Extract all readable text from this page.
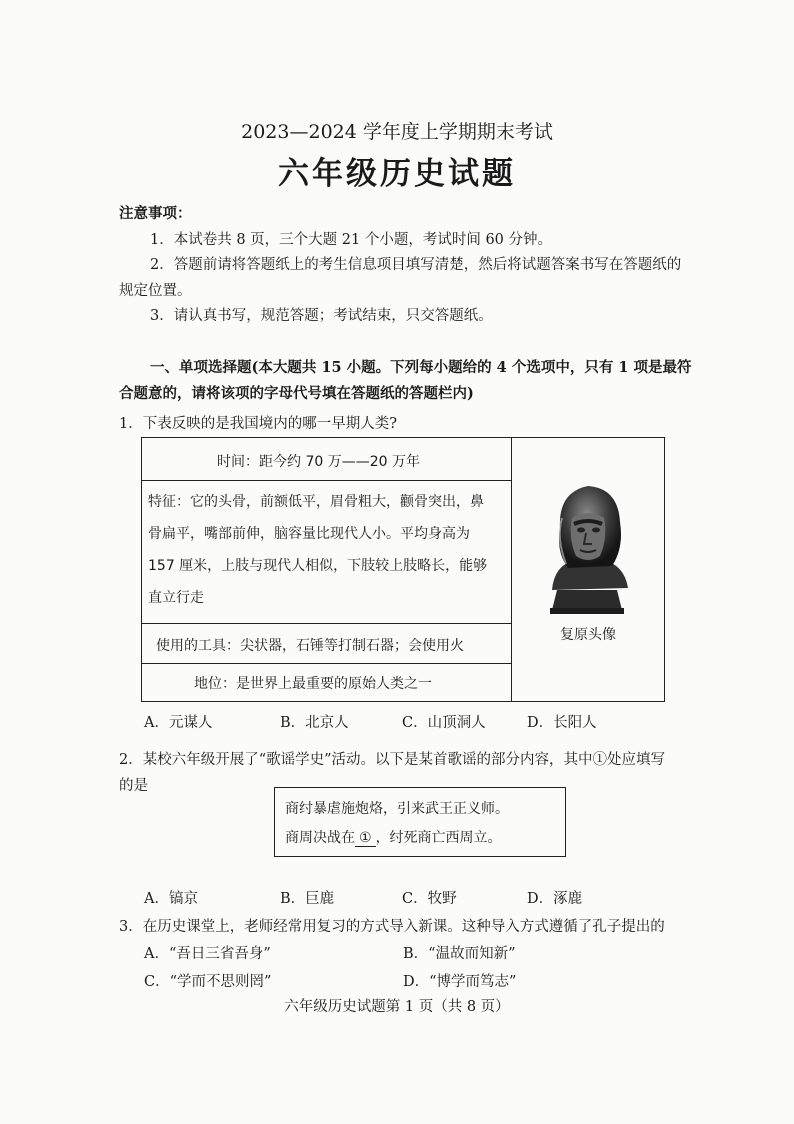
2023—2024 学年度上学期期末考试
六年级历史试题
注意事项：
1．本试卷共 8 页，三个大题 21 个小题，考试时间 60 分钟。
2．答题前请将答题纸上的考生信息项目填写清楚，然后将试题答案书写在答题纸的
规定位置。
3．请认真书写，规范答题；考试结束，只交答题纸。
一、单项选择题(本大题共 15 小题。下列每小题给的 4 个选项中，只有 1 项是最符
合题意的，请将该项的字母代号填在答题纸的答题栏内)
1．下表反映的是我国境内的哪一早期人类?
时间：距今约 70 万——20 万年
特征：它的头骨，前额低平，眉骨粗大，颧骨突出，鼻
骨扁平，嘴部前伸，脑容量比现代人小。平均身高为
157 厘米，上肢与现代人相似，下肢较上肢略长，能够
直立行走
使用的工具：尖状器，石锤等打制石器；会使用火
地位：是世界上最重要的原始人类之一
复原头像
A．元谋人	B．北京人	C．山顶洞人	D．长阳人
2．某校六年级开展了“歌谣学史”活动。以下是某首歌谣的部分内容，其中①处应填写
的是
商纣暴虐施炮烙，引来武王正义师。
商周决战在 ① ，纣死商亡西周立。
A．镐京	B．巨鹿	C．牧野	D．涿鹿
3．在历史课堂上，老师经常用复习的方式导入新课。这种导入方式遵循了孔子提出的
A．“吾日三省吾身”	B．“温故而知新”
C．“学而不思则罔”	D．“博学而笃志”
六年级历史试题第 1 页（共 8 页）
